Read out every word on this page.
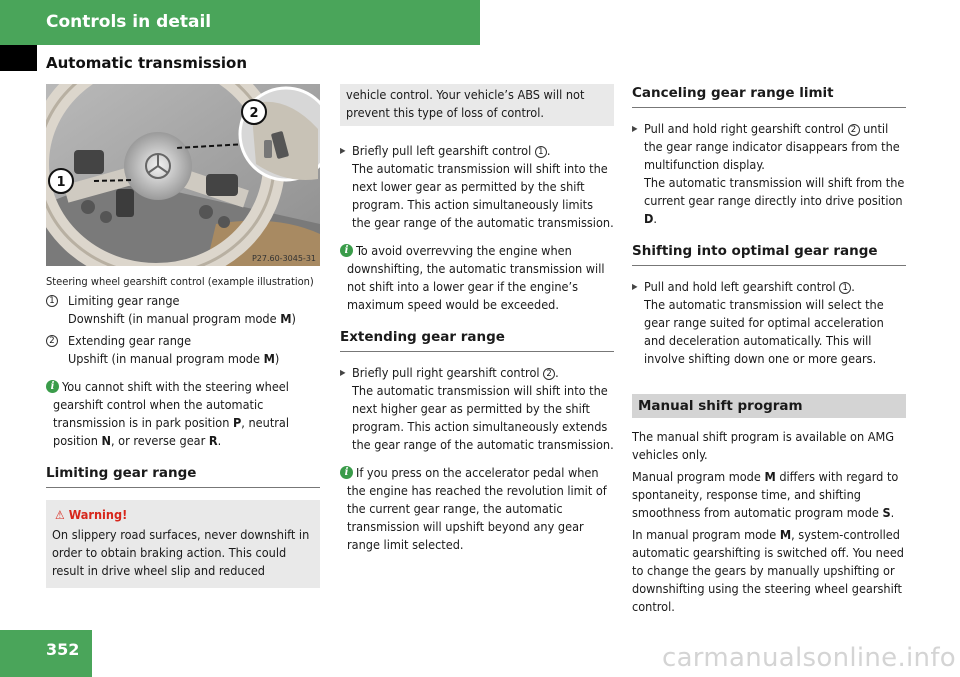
Controls in detail
Automatic transmission
2
1
P27.60-3045-31
Steering wheel gearshift control (example illustration)
1 Limiting gear range
Downshift (in manual program mode M)
2 Extending gear range
Upshift (in manual program mode M)
i You cannot shift with the steering wheel gearshift control when the automatic transmission is in park position P, neutral position N, or reverse gear R.
Limiting gear range
⚠ Warning!
On slippery road surfaces, never downshift in order to obtain braking action. This could result in drive wheel slip and reduced
vehicle control. Your vehicle’s ABS will not prevent this type of loss of control.
▶ Briefly pull left gearshift control 1 .
The automatic transmission will shift into the next lower gear as permitted by the shift program. This action simultaneously limits the gear range of the automatic transmission.
i To avoid overrevving the engine when downshifting, the automatic transmission will not shift into a lower gear if the engine’s maximum speed would be exceeded.
Extending gear range
▶ Briefly pull right gearshift control 2 .
The automatic transmission will shift into the next higher gear as permitted by the shift program. This action simultaneously extends the gear range of the automatic transmission.
i If you press on the accelerator pedal when the engine has reached the revolution limit of the current gear range, the automatic transmission will upshift beyond any gear range limit selected.
Canceling gear range limit
▶ Pull and hold right gearshift control 2 until the gear range indicator disappears from the multifunction display.
The automatic transmission will shift from the current gear range directly into drive position D.
Shifting into optimal gear range
▶ Pull and hold left gearshift control 1 .
The automatic transmission will select the gear range suited for optimal acceleration and deceleration automatically. This will involve shifting down one or more gears.
Manual shift program
The manual shift program is available on AMG vehicles only.
Manual program mode M differs with regard to spontaneity, response time, and shifting smoothness from automatic program mode S.
In manual program mode M, system-controlled automatic gearshifting is switched off. You need to change the gears by manually upshifting or downshifting using the steering wheel gearshift control.
352	carmanualsonline.info
